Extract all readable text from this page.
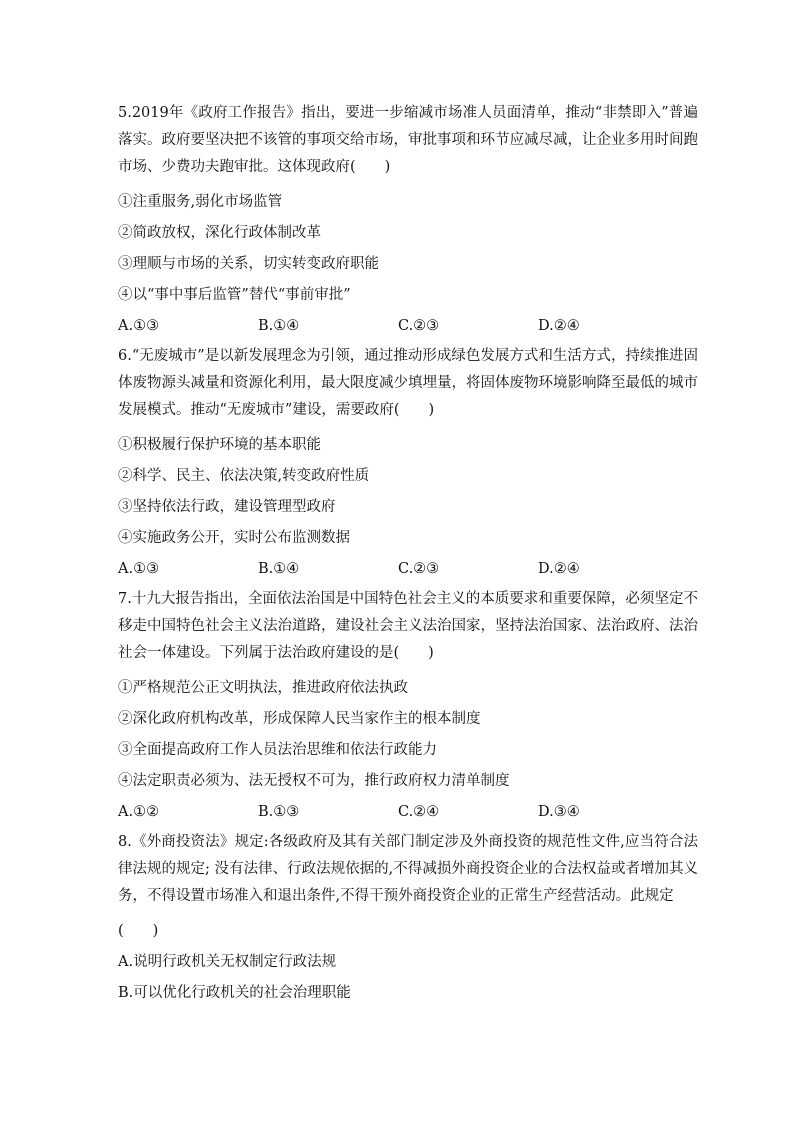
5.2019年《政府工作报告》指出，要进一步缩减市场准人员面清单，推动“非禁即入”普遍落实。政府要坚决把不该管的事项交给市场，审批事项和环节应减尽减，让企业多用时间跑市场、少费功夫跑审批。这体现政府(　　)

①注重服务,弱化市场监管

②简政放权，深化行政体制改革

③理顺与市场的关系，切实转变政府职能

④以“事中事后监管”替代“事前审批”

A.①③	B.①④	C.②③	D.②④

6.“无废城市”是以新发展理念为引领，通过推动形成绿色发展方式和生活方式，持续推进固体废物源头减量和资源化利用，最大限度减少填埋量，将固体废物环境影响降至最低的城市发展模式。推动“无废城市”建设，需要政府(　　)

①积极履行保护环境的基本职能

②科学、民主、依法决策,转变政府性质

③坚持依法行政，建设管理型政府

④实施政务公开，实时公布监测数据

A.①③	B.①④	C.②③	D.②④

7.十九大报告指出，全面依法治国是中国特色社会主义的本质要求和重要保障，必须坚定不移走中国特色社会主义法治道路，建设社会主义法治国家，坚持法治国家、法治政府、法治社会一体建设。下列属于法治政府建设的是(　　)

①严格规范公正文明执法，推进政府依法执政

②深化政府机构改革，形成保障人民当家作主的根本制度

③全面提高政府工作人员法治思维和依法行政能力

④法定职责必须为、法无授权不可为，推行政府权力清单制度

A.①②	B.①③	C.②④	D.③④

8.《外商投资法》规定:各级政府及其有关部门制定涉及外商投资的规范性文件,应当符合法律法规的规定; 没有法律、行政法规依据的,不得减损外商投资企业的合法权益或者增加其义务，不得设置市场准入和退出条件,不得干预外商投资企业的正常生产经营活动。此规定

(　　)

A.说明行政机关无权制定行政法规

B.可以优化行政机关的社会治理职能
